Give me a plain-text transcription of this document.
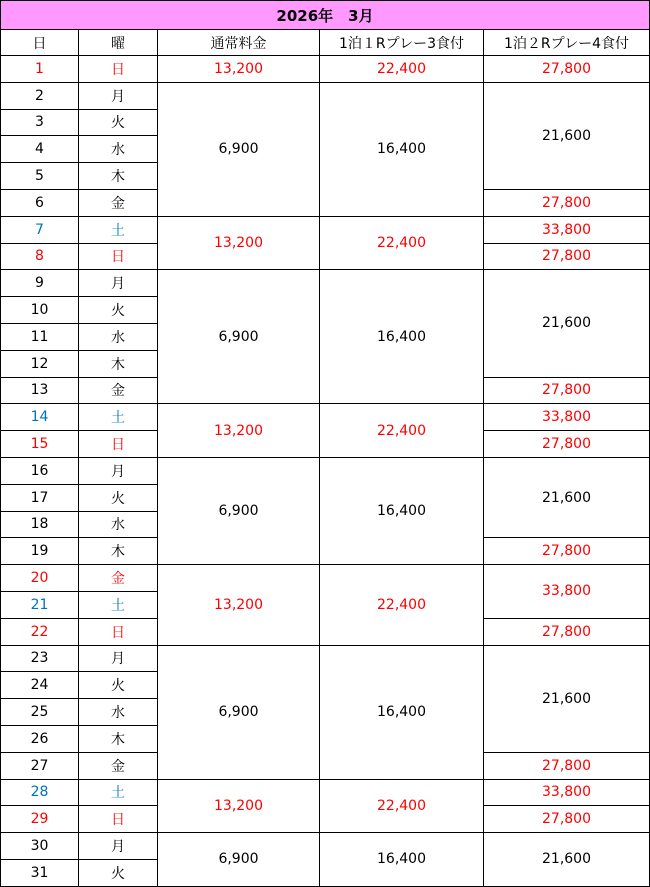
2026年　3月
日	曜	通常料金	1泊１Rプレー3食付	1泊２Rプレー4食付
1	日	13,200	22,400	27,800
2	月	6,900	16,400	21,600
3	火			
4	水			
5	木			
6	金			27,800
7	土	13,200	22,400	33,800
8	日			27,800
9	月	6,900	16,400	21,600
10	火			
11	水			
12	木			
13	金			27,800
14	土	13,200	22,400	33,800
15	日			27,800
16	月	6,900	16,400	21,600
17	火			
18	水			
19	木			27,800
20	金	13,200	22,400	33,800
21	土			
22	日			27,800
23	月	6,900	16,400	21,600
24	火			
25	水			
26	木			
27	金			27,800
28	土	13,200	22,400	33,800
29	日			27,800
30	月	6,900	16,400	21,600
31	火			
